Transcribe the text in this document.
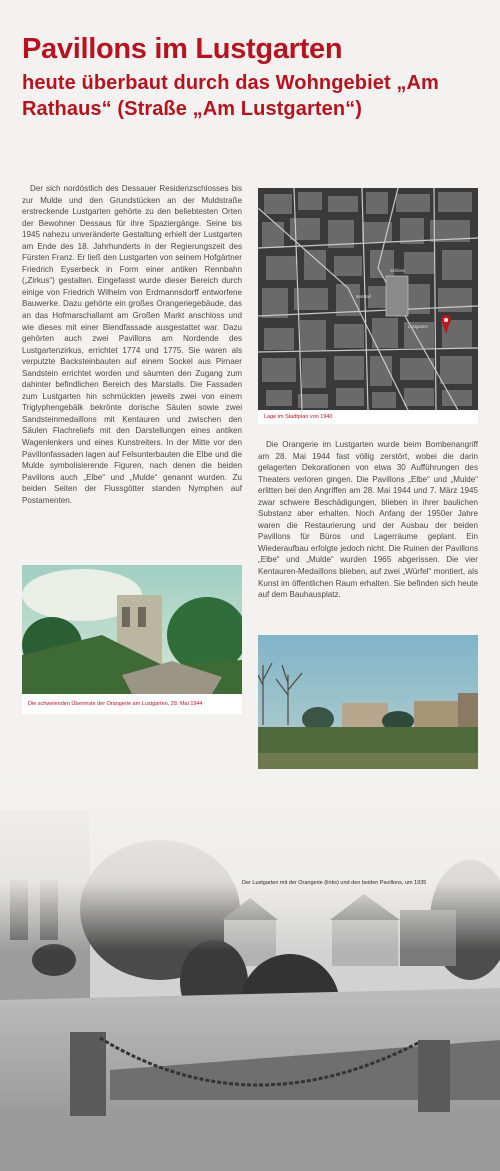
Pavillons im Lustgarten
heute überbaut durch das Wohngebiet „Am Rathaus“ (Straße „Am Lustgarten“)

Der sich nordöstlich des Dessauer Residenzschlosses bis zur Mulde und den Grundstücken an der Muldstraße erstreckende Lustgarten gehörte zu den beliebtesten Orten der Bewohner Dessaus für ihre Spaziergänge. Seine bis 1945 nahezu unveränderte Gestaltung erhielt der Lustgarten am Ende des 18. Jahrhunderts in der Regierungszeit des Fürsten Franz. Er ließ den Lustgarten von seinem Hofgärtner Friedrich Eyserbeck in Form einer antiken Rennbahn („Zirkus“) gestalten. Eingefasst wurde dieser Bereich durch einige von Friedrich Wilhelm von Erdmannsdorff entworfene Bauwerke. Dazu gehörte ein großes Orangeriegebäude, das an das Hofmarschallamt am Großen Markt anschloss und wie dieses mit einer Blendfassade ausgestattet war. Dazu gehörten auch zwei Pavillons am Nordende des Lustgartenzirkus, errichtet 1774 und 1775. Sie waren als verputzte Backsteinbauten auf einem Sockel aus Pirnaer Sandstein errichtet worden und säumten den Zugang zum dahinter befindlichen Bereich des Marstalls. Die Fassaden zum Lustgarten hin schmückten jeweils zwei von einem Triglyphengebälk bekrönte dorische Säulen sowie zwei Sandsteinmedaillons mit Kentauren und zwischen den Säulen Flachreliefs mit den Darstellungen eines antiken Wagenlenkers und eines Kunstreiters. In der Mitte vor den Pavillonfassaden lagen auf Felsunterbauten die Elbe und die Mulde symbolisierende Figuren, nach denen die beiden Pavillons auch „Elbe“ und „Mulde“ genannt wurden. Zu beiden Seiten der Flussgötter standen Nymphen auf Postamenten.

Marstall
Schloss
Lustgarten
Lage im Stadtplan von 1940
Die schwelenden Überreste der Orangerie am Lustgarten, 28. Mai 1944

Die Orangerie im Lustgarten wurde beim Bombenangriff am 28. Mai 1944 fast völlig zerstört, wobei die darin gelagerten Dekorationen von etwa 30 Aufführungen des Theaters verloren gingen. Die Pavillons „Elbe“ und „Mulde“ erlitten bei den Angriffen am 28. Mai 1944 und 7. März 1945 zwar schwere Beschädigungen, blieben in ihrer baulichen Substanz aber erhalten. Noch Anfang der 1950er Jahre waren die Restaurierung und der Ausbau der beiden Pavillons für Büros und Lagerräume geplant. Ein Wiederaufbau erfolgte jedoch nicht. Die Ruinen der Pavillons „Elbe“ und „Mulde“ wurden 1965 abgerissen. Die vier Kentauren-Medaillons blieben, auf zwei „Würfel“ montiert, als Kunst im öffentlichen Raum erhalten. Sie befinden sich heute auf dem Bauhausplatz.

Der Lustgarten mit der Orangerie (links) und den beiden Pavillons, um 1935
